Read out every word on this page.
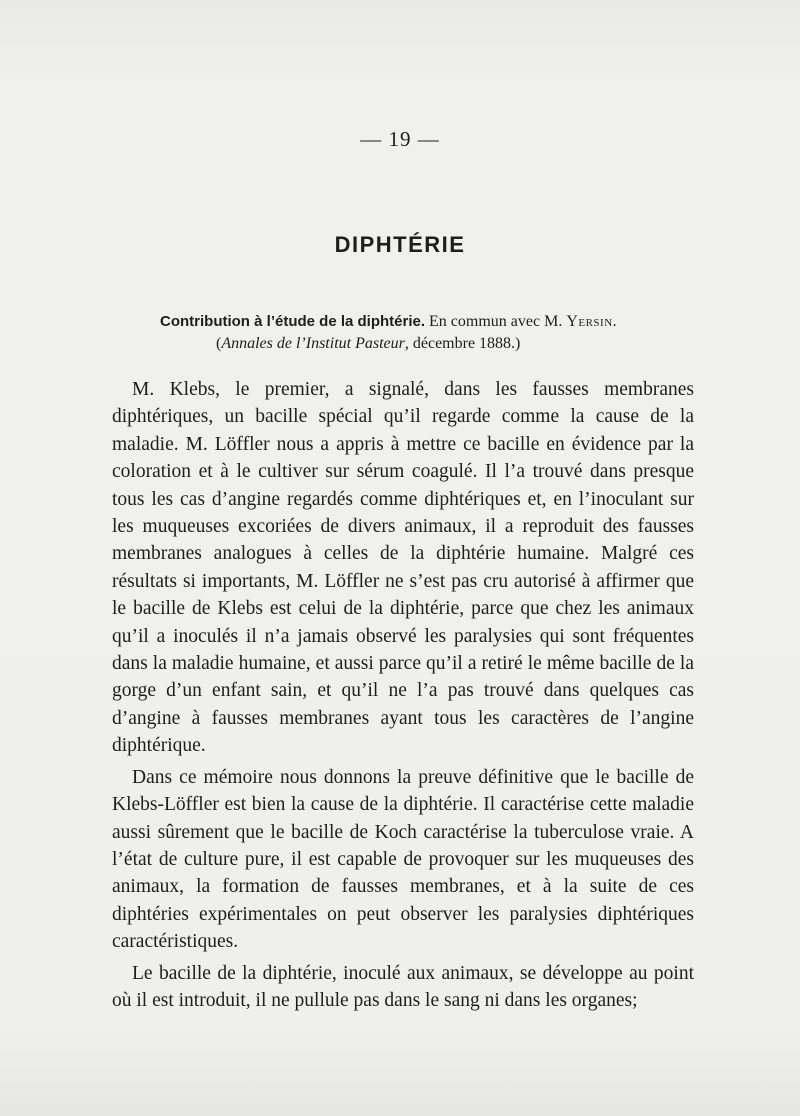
— 19 —
DIPHTÉRIE
Contribution à l’étude de la diphtérie. En commun avec M. Yersin.
(Annales de l’Institut Pasteur, décembre 1888.)

M. Klebs, le premier, a signalé, dans les fausses membranes diphtériques, un bacille spécial qu’il regarde comme la cause de la maladie. M. Löffler nous a appris à mettre ce bacille en évidence par la coloration et à le cultiver sur sérum coagulé. Il l’a trouvé dans presque tous les cas d’angine regardés comme diphtériques et, en l’inoculant sur les muqueuses excoriées de divers animaux, il a reproduit des fausses membranes analogues à celles de la diphtérie humaine. Malgré ces résultats si importants, M. Löffler ne s’est pas cru autorisé à affirmer que le bacille de Klebs est celui de la diphtérie, parce que chez les animaux qu’il a inoculés il n’a jamais observé les paralysies qui sont fréquentes dans la maladie humaine, et aussi parce qu’il a retiré le même bacille de la gorge d’un enfant sain, et qu’il ne l’a pas trouvé dans quelques cas d’angine à fausses membranes ayant tous les caractères de l’angine diphtérique.

Dans ce mémoire nous donnons la preuve définitive que le bacille de Klebs-Löffler est bien la cause de la diphtérie. Il caractérise cette maladie aussi sûrement que le bacille de Koch caractérise la tuberculose vraie. A l’état de culture pure, il est capable de provoquer sur les muqueuses des animaux, la formation de fausses membranes, et à la suite de ces diphtéries expérimentales on peut observer les paralysies diphtériques caractéristiques.

Le bacille de la diphtérie, inoculé aux animaux, se développe au point où il est introduit, il ne pullule pas dans le sang ni dans les organes;
